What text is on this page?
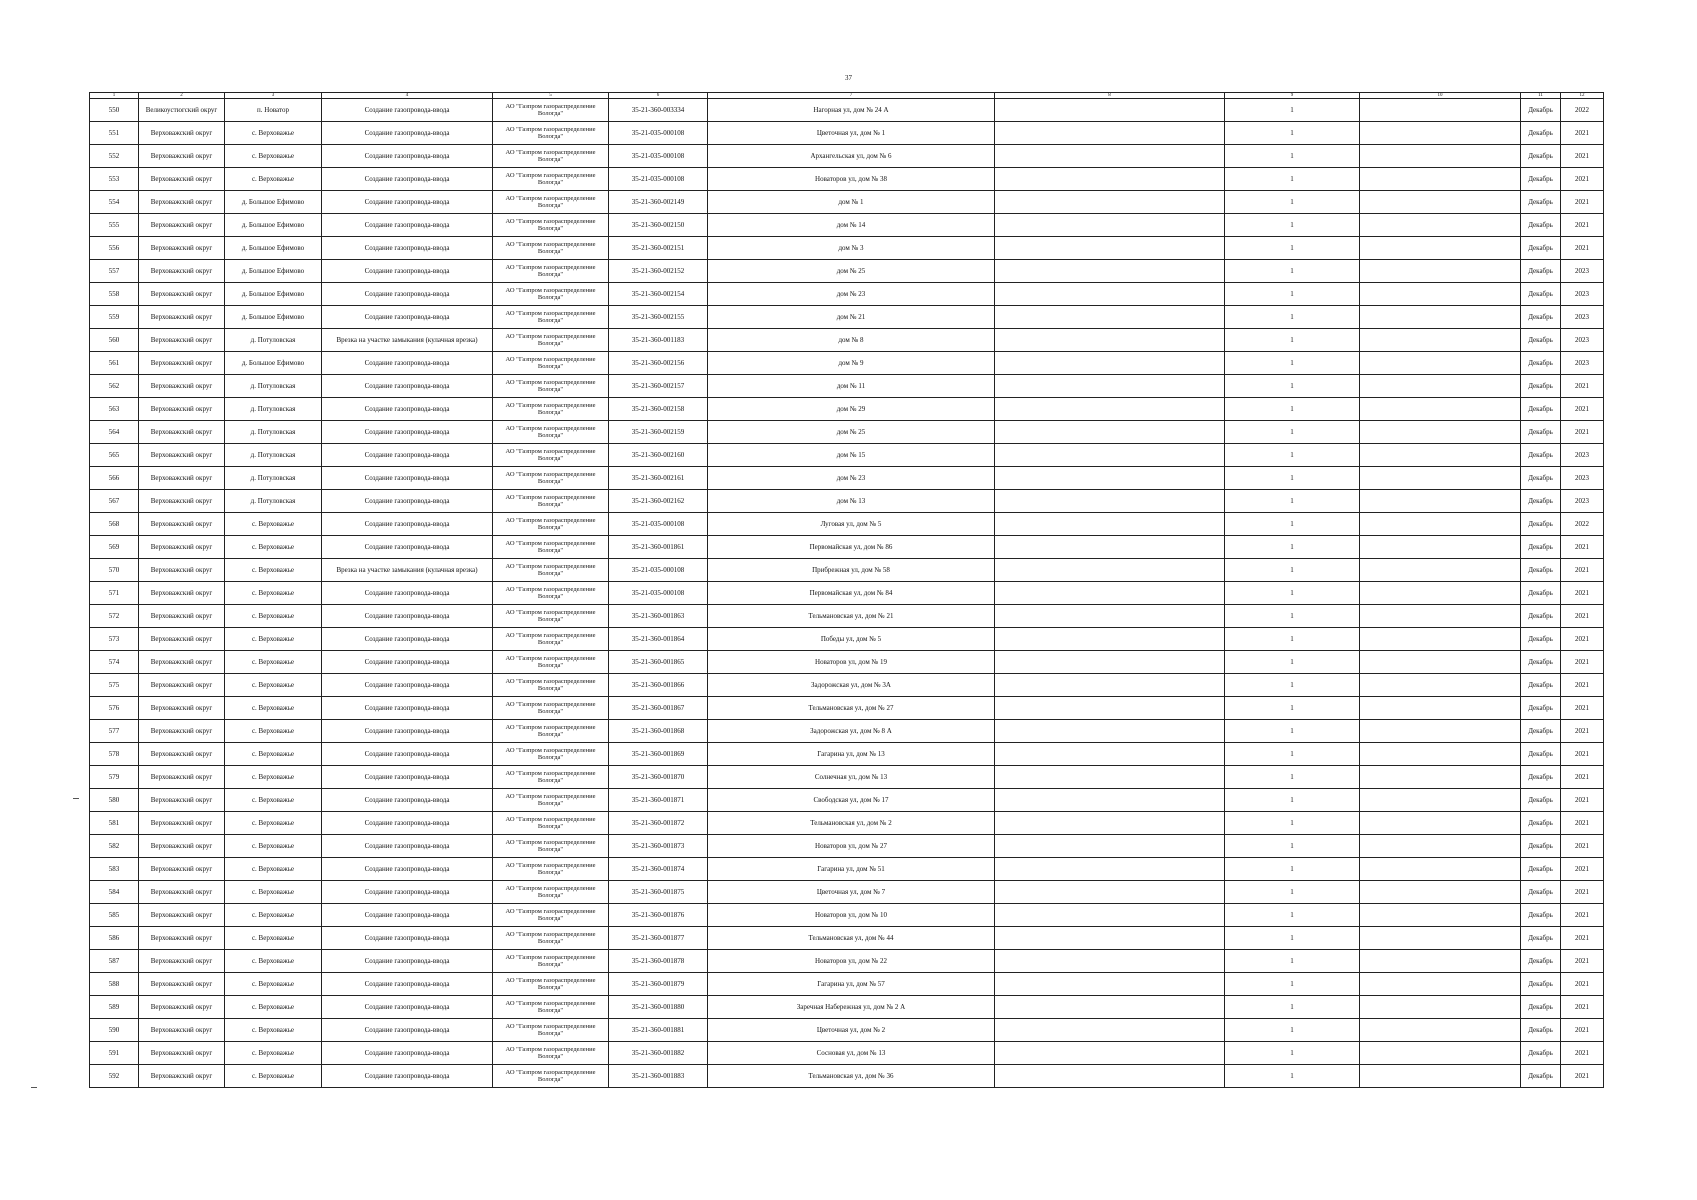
37
1	2	3	4	5	6	7	8	9	10	11	12
550	Великоустюгский округ	п. Новатор	Создание газопровода-ввода	АО "Газпром газораспределение Вологда"	35-21-360-003334	Нагорная ул, дом № 24 А		1		Декабрь	2022
551	Верховажский округ	с. Верховажье	Создание газопровода-ввода	АО "Газпром газораспределение Вологда"	35-21-035-000108	Цветочная ул, дом № 1		1		Декабрь	2021
552	Верховажский округ	с. Верховажье	Создание газопровода-ввода	АО "Газпром газораспределение Вологда"	35-21-035-000108	Архангельская ул, дом № 6		1		Декабрь	2021
553	Верховажский округ	с. Верховажье	Создание газопровода-ввода	АО "Газпром газораспределение Вологда"	35-21-035-000108	Новаторов ул, дом № 38		1		Декабрь	2021
554	Верховажский округ	д. Большое Ефимово	Создание газопровода-ввода	АО "Газпром газораспределение Вологда"	35-21-360-002149	дом № 1		1		Декабрь	2021
555	Верховажский округ	д. Большое Ефимово	Создание газопровода-ввода	АО "Газпром газораспределение Вологда"	35-21-360-002150	дом № 14		1		Декабрь	2021
556	Верховажский округ	д. Большое Ефимово	Создание газопровода-ввода	АО "Газпром газораспределение Вологда"	35-21-360-002151	дом № 3		1		Декабрь	2021
557	Верховажский округ	д. Большое Ефимово	Создание газопровода-ввода	АО "Газпром газораспределение Вологда"	35-21-360-002152	дом № 25		1		Декабрь	2023
558	Верховажский округ	д. Большое Ефимово	Создание газопровода-ввода	АО "Газпром газораспределение Вологда"	35-21-360-002154	дом № 23		1		Декабрь	2023
559	Верховажский округ	д. Большое Ефимово	Создание газопровода-ввода	АО "Газпром газораспределение Вологда"	35-21-360-002155	дом № 21		1		Декабрь	2023
560	Верховажский округ	д. Потуловская	Врезка на участке замыкания (кулачная врезка)	АО "Газпром газораспределение Вологда"	35-21-360-001183	дом № 8		1		Декабрь	2023
561	Верховажский округ	д. Большое Ефимово	Создание газопровода-ввода	АО "Газпром газораспределение Вологда"	35-21-360-002156	дом № 9		1		Декабрь	2023
562	Верховажский округ	д. Потуловская	Создание газопровода-ввода	АО "Газпром газораспределение Вологда"	35-21-360-002157	дом № 11		1		Декабрь	2021
563	Верховажский округ	д. Потуловская	Создание газопровода-ввода	АО "Газпром газораспределение Вологда"	35-21-360-002158	дом № 29		1		Декабрь	2021
564	Верховажский округ	д. Потуловская	Создание газопровода-ввода	АО "Газпром газораспределение Вологда"	35-21-360-002159	дом № 25		1		Декабрь	2021
565	Верховажский округ	д. Потуловская	Создание газопровода-ввода	АО "Газпром газораспределение Вологда"	35-21-360-002160	дом № 15		1		Декабрь	2023
566	Верховажский округ	д. Потуловская	Создание газопровода-ввода	АО "Газпром газораспределение Вологда"	35-21-360-002161	дом № 23		1		Декабрь	2023
567	Верховажский округ	д. Потуловская	Создание газопровода-ввода	АО "Газпром газораспределение Вологда"	35-21-360-002162	дом № 13		1		Декабрь	2023
568	Верховажский округ	с. Верховажье	Создание газопровода-ввода	АО "Газпром газораспределение Вологда"	35-21-035-000108	Луговая ул, дом № 5		1		Декабрь	2022
569	Верховажский округ	с. Верховажье	Создание газопровода-ввода	АО "Газпром газораспределение Вологда"	35-21-360-001861	Первомайская ул, дом № 86		1		Декабрь	2021
570	Верховажский округ	с. Верховажье	Врезка на участке замыкания (кулачная врезка)	АО "Газпром газораспределение Вологда"	35-21-035-000108	Прибрежная ул, дом № 58		1		Декабрь	2021
571	Верховажский округ	с. Верховажье	Создание газопровода-ввода	АО "Газпром газораспределение Вологда"	35-21-035-000108	Первомайская ул, дом № 84		1		Декабрь	2021
572	Верховажский округ	с. Верховажье	Создание газопровода-ввода	АО "Газпром газораспределение Вологда"	35-21-360-001863	Тельмановская ул, дом № 21		1		Декабрь	2021
573	Верховажский округ	с. Верховажье	Создание газопровода-ввода	АО "Газпром газораспределение Вологда"	35-21-360-001864	Победы ул, дом № 5		1		Декабрь	2021
574	Верховажский округ	с. Верховажье	Создание газопровода-ввода	АО "Газпром газораспределение Вологда"	35-21-360-001865	Новаторов ул, дом № 19		1		Декабрь	2021
575	Верховажский округ	с. Верховажье	Создание газопровода-ввода	АО "Газпром газораспределение Вологда"	35-21-360-001866	Задорожская ул, дом № 3А		1		Декабрь	2021
576	Верховажский округ	с. Верховажье	Создание газопровода-ввода	АО "Газпром газораспределение Вологда"	35-21-360-001867	Тельмановская ул, дом № 27		1		Декабрь	2021
577	Верховажский округ	с. Верховажье	Создание газопровода-ввода	АО "Газпром газораспределение Вологда"	35-21-360-001868	Задорожская ул, дом № 8 А		1		Декабрь	2021
578	Верховажский округ	с. Верховажье	Создание газопровода-ввода	АО "Газпром газораспределение Вологда"	35-21-360-001869	Гагарина ул, дом № 13		1		Декабрь	2021
579	Верховажский округ	с. Верховажье	Создание газопровода-ввода	АО "Газпром газораспределение Вологда"	35-21-360-001870	Солнечная ул, дом № 13		1		Декабрь	2021
580	Верховажский округ	с. Верховажье	Создание газопровода-ввода	АО "Газпром газораспределение Вологда"	35-21-360-001871	Свободская ул, дом № 17		1		Декабрь	2021
581	Верховажский округ	с. Верховажье	Создание газопровода-ввода	АО "Газпром газораспределение Вологда"	35-21-360-001872	Тельмановская ул, дом № 2		1		Декабрь	2021
582	Верховажский округ	с. Верховажье	Создание газопровода-ввода	АО "Газпром газораспределение Вологда"	35-21-360-001873	Новаторов ул, дом № 27		1		Декабрь	2021
583	Верховажский округ	с. Верховажье	Создание газопровода-ввода	АО "Газпром газораспределение Вологда"	35-21-360-001874	Гагарина ул, дом № 51		1		Декабрь	2021
584	Верховажский округ	с. Верховажье	Создание газопровода-ввода	АО "Газпром газораспределение Вологда"	35-21-360-001875	Цветочная ул, дом № 7		1		Декабрь	2021
585	Верховажский округ	с. Верховажье	Создание газопровода-ввода	АО "Газпром газораспределение Вологда"	35-21-360-001876	Новаторов ул, дом № 10		1		Декабрь	2021
586	Верховажский округ	с. Верховажье	Создание газопровода-ввода	АО "Газпром газораспределение Вологда"	35-21-360-001877	Тельмановская ул, дом № 44		1		Декабрь	2021
587	Верховажский округ	с. Верховажье	Создание газопровода-ввода	АО "Газпром газораспределение Вологда"	35-21-360-001878	Новаторов ул, дом № 22		1		Декабрь	2021
588	Верховажский округ	с. Верховажье	Создание газопровода-ввода	АО "Газпром газораспределение Вологда"	35-21-360-001879	Гагарина ул, дом № 57		1		Декабрь	2021
589	Верховажский округ	с. Верховажье	Создание газопровода-ввода	АО "Газпром газораспределение Вологда"	35-21-360-001880	Заречная Набережная ул, дом № 2 А		1		Декабрь	2021
590	Верховажский округ	с. Верховажье	Создание газопровода-ввода	АО "Газпром газораспределение Вологда"	35-21-360-001881	Цветочная ул, дом № 2		1		Декабрь	2021
591	Верховажский округ	с. Верховажье	Создание газопровода-ввода	АО "Газпром газораспределение Вологда"	35-21-360-001882	Сосновая ул, дом № 13		1		Декабрь	2021
592	Верховажский округ	с. Верховажье	Создание газопровода-ввода	АО "Газпром газораспределение Вологда"	35-21-360-001883	Тельмановская ул, дом № 36		1		Декабрь	2021
